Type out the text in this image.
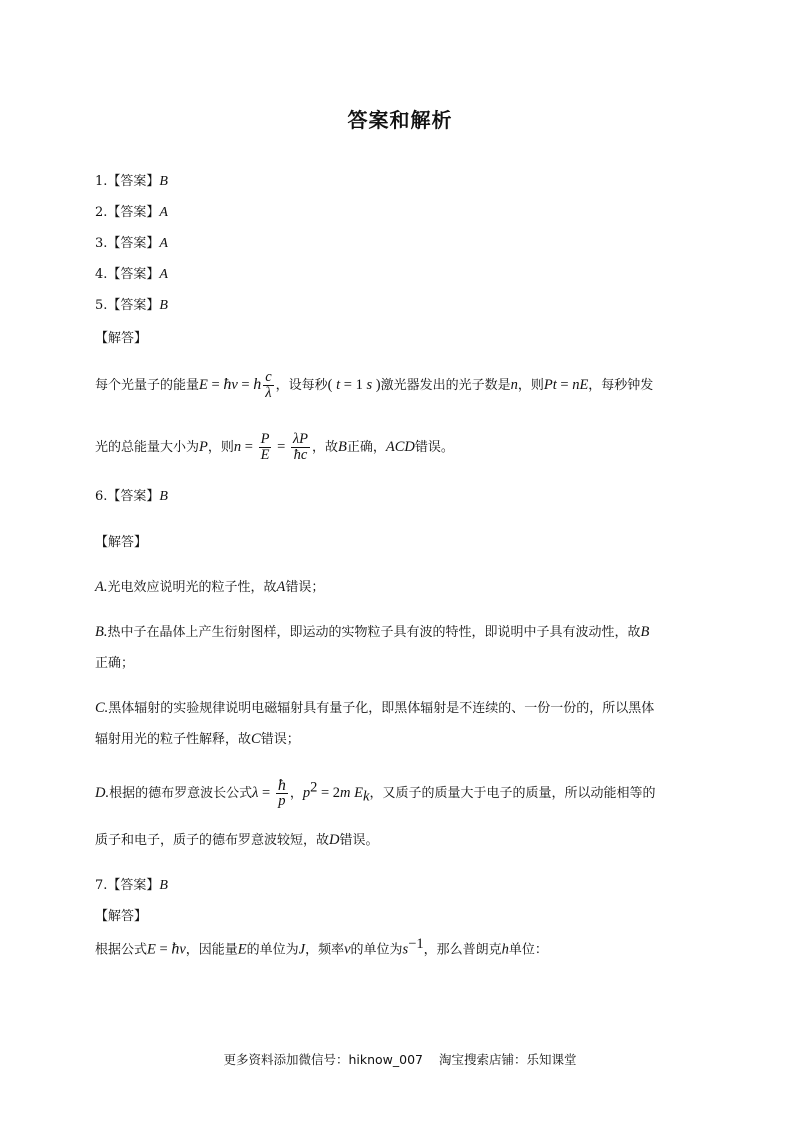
答案和解析
1.【答案】B
2.【答案】A
3.【答案】A
4.【答案】A
5.【答案】B
【解答】
每个光量子的能量E = ħν = h $\frac{c}{\lambda}$ ，设每秒( t = 1 s )激光器发出的光子数是n，则Pt = nE，每秒钟发
光的总能量大小为P，则$n = \frac{P}{E} = \frac{\lambda P}{ħc}$ ，故B正确，ACD错误。
6.【答案】B
【解答】
A.光电效应说明光的粒子性，故A错误；
B.热中子在晶体上产生衍射图样，即运动的实物粒子具有波的特性，即说明中子具有波动性，故B
正确；
C.黑体辐射的实验规律说明电磁辐射具有量子化，即黑体辐射是不连续的、一份一份的，所以黑体
辐射用光的粒子性解释，故C错误；
D.根据的德布罗意波长公式$\lambda = \frac{ħ}{p}$ ，$p^2 = 2m$ $E_k$，又质子的质量大于电子的质量，所以动能相等的
质子和电子，质子的德布罗意波较短，故D错误。
7.【答案】B
【解答】
根据公式E = ħν，因能量E的单位为J，频率v的单位为$s^{-1}$，那么普朗克h单位：
更多资料添加微信号：hiknow_007 淘宝搜索店铺：乐知课堂
